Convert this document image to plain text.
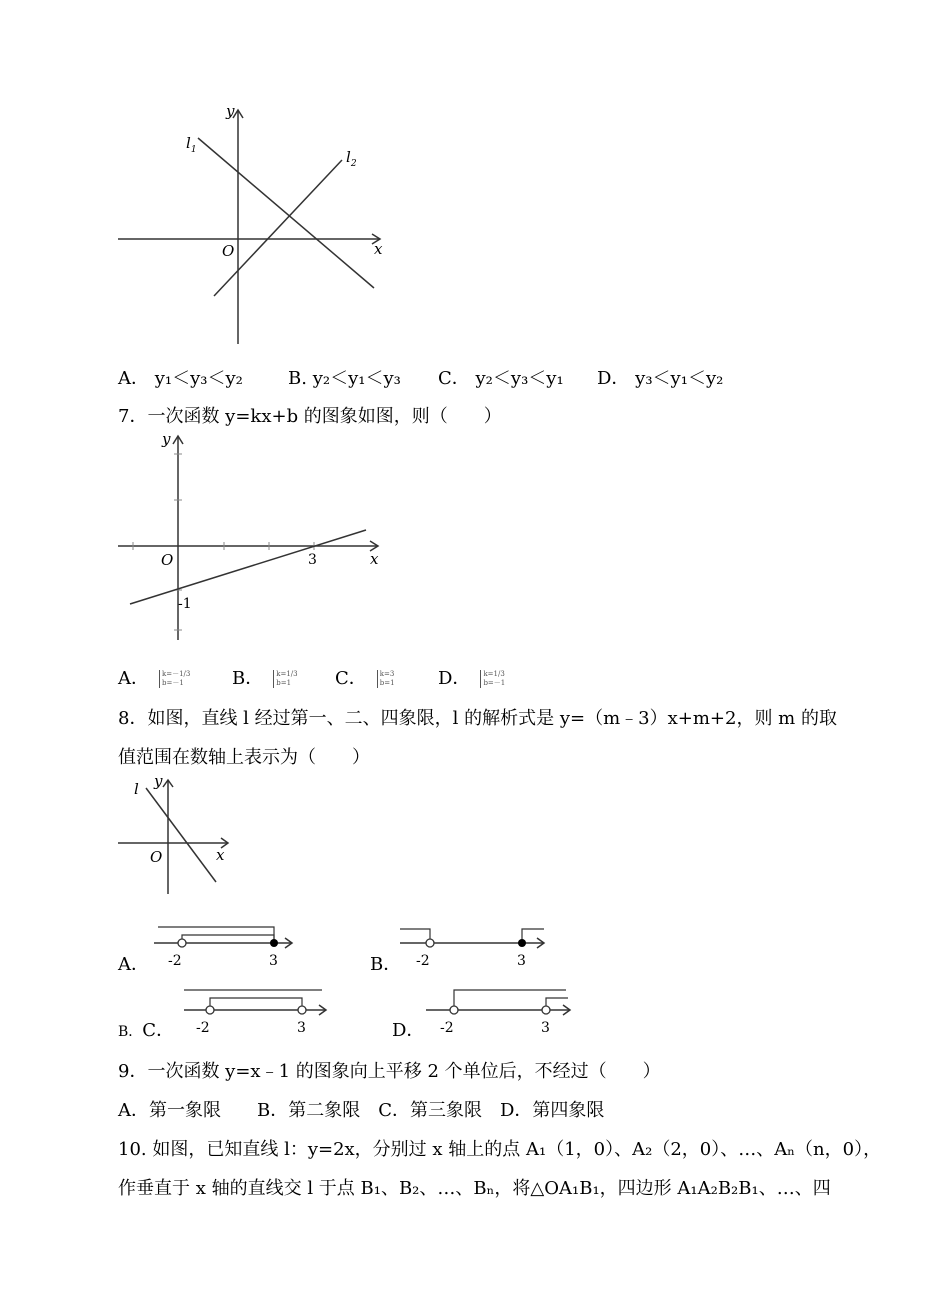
y
x
O
$l_1$	$l_2$
A． y₁＜y₃＜y₂	B. y₂＜y₁＜y₃ C． y₂＜y₃＜y₁ D． y₃＜y₁＜y₂
7．一次函数 y=kx+b 的图象如图，则（　　）
y
x
O	3
-1
A． k=－1/3
b=－1	B． k=1/3
b=1	C． k=3
b=1 D． k=1/3
b=－1
8．如图，直线 l 经过第一、二、四象限，l 的解析式是 y=（m﹣3）x+m+2，则 m 的取
值范围在数轴上表示为（　　）
y
x
O
l
A． -2	3	B． -2	3
B．C． -2	3	D． -2	3
9．一次函数 y=x﹣1 的图象向上平移 2 个单位后，不经过（　　）
A．第一象限　　B．第二象限　C．第三象限　D．第四象限
10. 如图，已知直线 l：y=2x，分别过 x 轴上的点 A₁（1，0）、A₂（2，0）、…、Aₙ（n，0），
作垂直于 x 轴的直线交 l 于点 B₁、B₂、…、Bₙ，将△OA₁B₁，四边形 A₁A₂B₂B₁、…、四
